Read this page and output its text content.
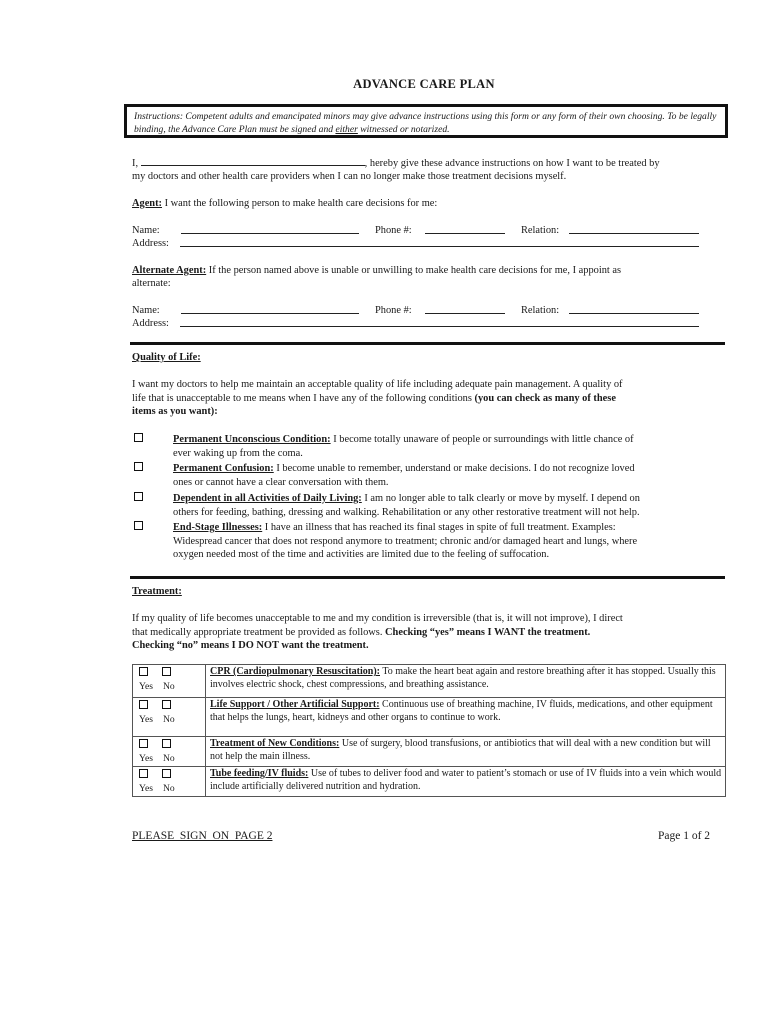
ADVANCE CARE PLAN
Instructions: Competent adults and emancipated minors may give advance instructions using this form or any form of their own choosing. To be legally binding, the Advance Care Plan must be signed and either witnessed or notarized.
I,	, hereby give these advance instructions on how I want to be treated by
my doctors and other health care providers when I can no longer make those treatment decisions myself.
Agent: I want the following person to make health care decisions for me:
Name:	Phone #:	Relation:
Address:
Alternate Agent: If the person named above is unable or unwilling to make health care decisions for me, I appoint as
alternate:
Name:	Phone #:	Relation:
Address:
Quality of Life:
I want my doctors to help me maintain an acceptable quality of life including adequate pain management. A quality of
life that is unacceptable to me means when I have any of the following conditions (you can check as many of these
items as you want):
Permanent Unconscious Condition: I become totally unaware of people or surroundings with little chance of
ever waking up from the coma.
Permanent Confusion: I become unable to remember, understand or make decisions. I do not recognize loved
ones or cannot have a clear conversation with them.
Dependent in all Activities of Daily Living: I am no longer able to talk clearly or move by myself. I depend on
others for feeding, bathing, dressing and walking. Rehabilitation or any other restorative treatment will not help.
End-Stage Illnesses: I have an illness that has reached its final stages in spite of full treatment. Examples:
Widespread cancer that does not respond anymore to treatment; chronic and/or damaged heart and lungs, where
oxygen needed most of the time and activities are limited due to the feeling of suffocation.
Treatment:
If my quality of life becomes unacceptable to me and my condition is irreversible (that is, it will not improve), I direct
that medically appropriate treatment be provided as follows. Checking “yes” means I WANT the treatment.
Checking “no” means I DO NOT want the treatment.

Yes No	CPR (Cardiopulmonary Resuscitation): To make the heart beat again and restore breathing after it has stopped. Usually this involves electric shock, chest compressions, and breathing assistance.

Yes No	Life Support / Other Artificial Support: Continuous use of breathing machine, IV fluids, medications, and other equipment that helps the lungs, heart, kidneys and other organs to continue to work.

Yes No	Treatment of New Conditions: Use of surgery, blood transfusions, or antibiotics that will deal with a new condition but will not help the main illness.

Yes No	Tube feeding/IV fluids: Use of tubes to deliver food and water to patient’s stomach or use of IV fluids into a vein which would include artificially delivered nutrition and hydration.
PLEASE  SIGN  ON  PAGE 2	Page 1 of 2
